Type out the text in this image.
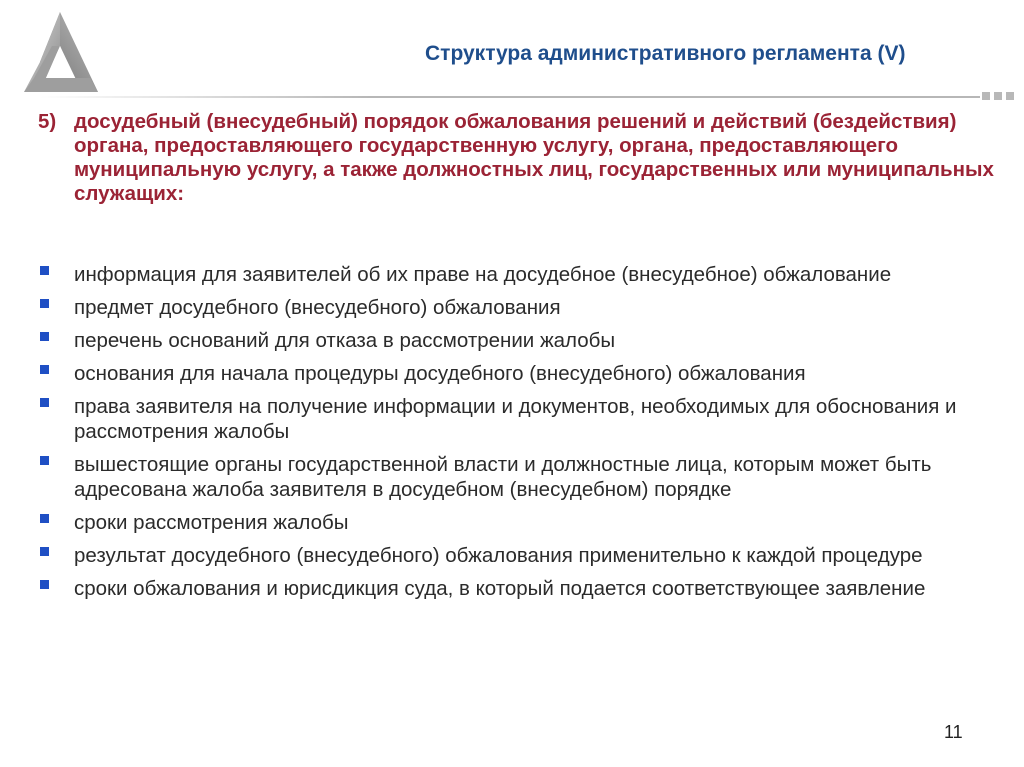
Структура административного регламента (V)
5) досудебный (внесудебный) порядок обжалования решений и действий (бездействия) органа, предоставляющего государственную услугу, органа, предоставляющего муниципальную услугу, а также должностных лиц, государственных или муниципальных служащих:
информация для заявителей об их праве на досудебное (внесудебное) обжалование
предмет досудебного (внесудебного) обжалования
перечень оснований для отказа в рассмотрении жалобы
основания для начала процедуры досудебного (внесудебного) обжалования
права заявителя на получение информации и документов, необходимых для обоснования и рассмотрения жалобы
вышестоящие органы государственной власти и должностные лица, которым может быть адресована жалоба заявителя в досудебном (внесудебном) порядке
сроки рассмотрения жалобы
результат досудебного (внесудебного) обжалования применительно к каждой процедуре
сроки обжалования и юрисдикция суда, в который подается соответствующее заявление
11
